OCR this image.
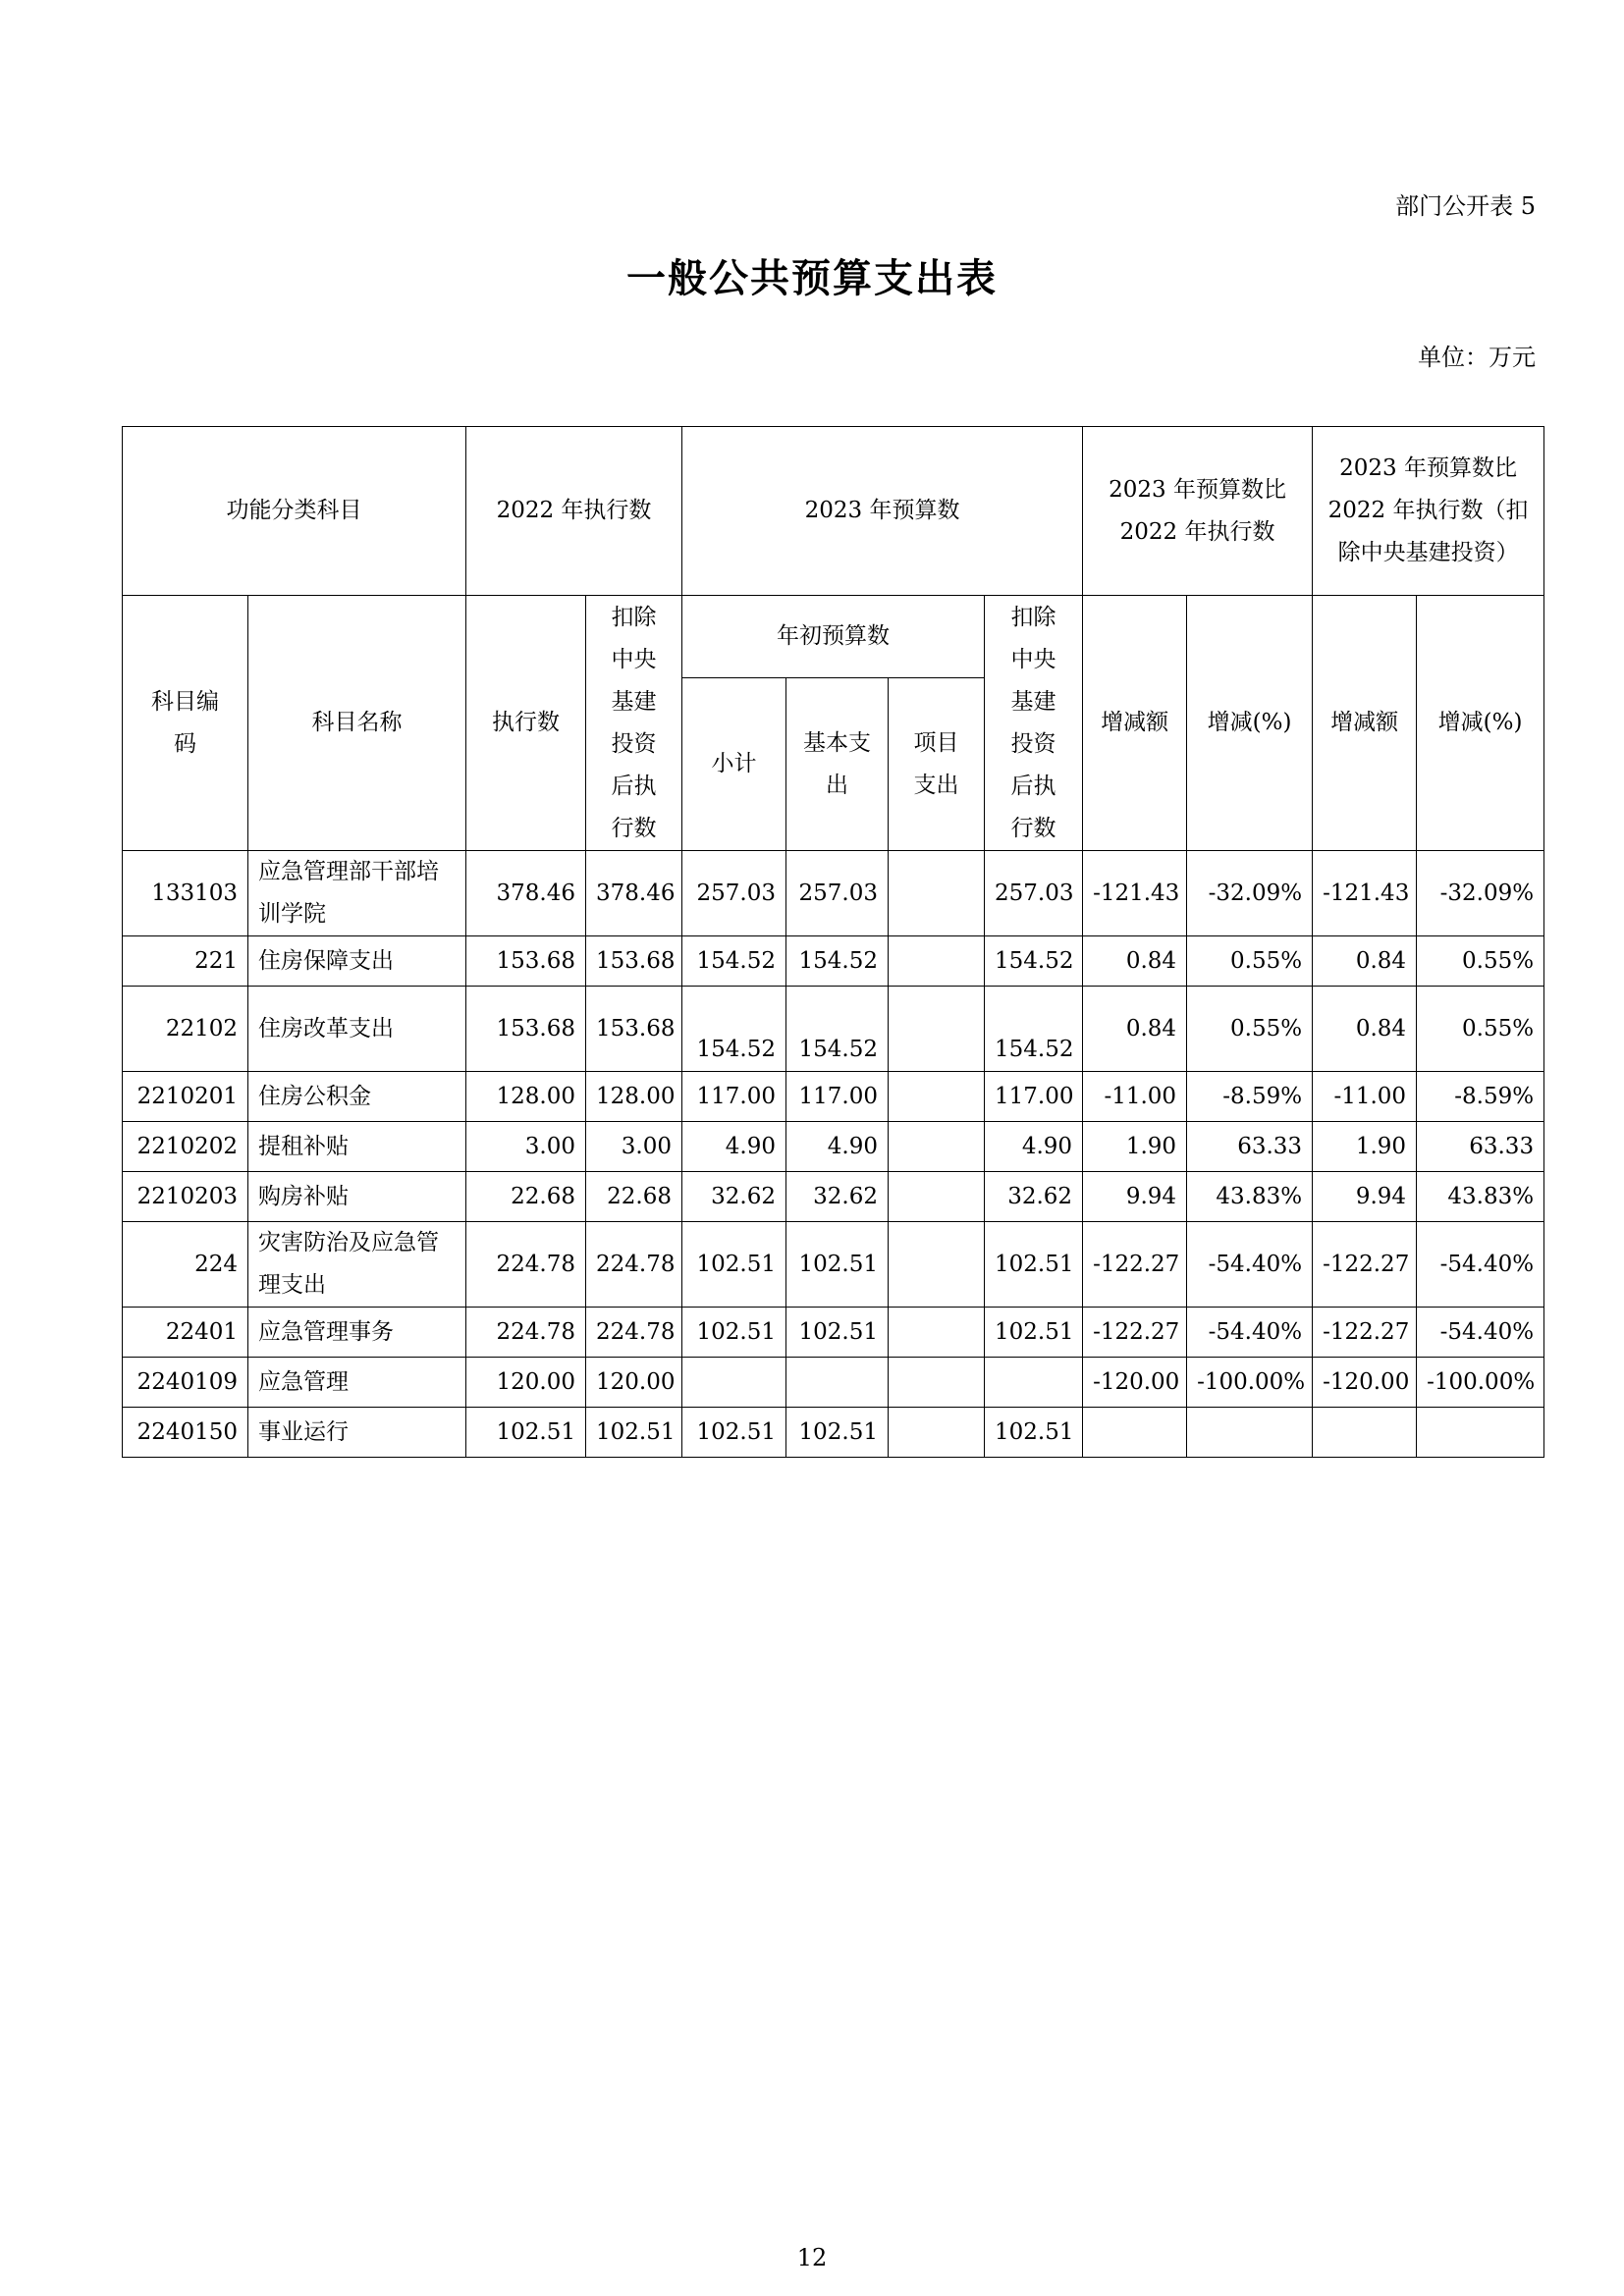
部门公开表 5
一般公共预算支出表
单位：万元
功能分类科目		2022 年执行数		2023 年预算数				2023 年预算数比2022 年执行数		2023 年预算数比2022 年执行数（扣除中央基建投资）	

科目编码	科目名称	执行数	扣除中央基建投资后执行数	年初预算数			扣除中央基建投资后执行数	增减额	增减(%)	增减额	增减(%)
				小计	基本支出	项目支出					

133103	应急管理部干部培训学院	378.46	378.46	257.03	257.03		257.03	-121.43	-32.09%	-121.43	-32.09%
221	住房保障支出	153.68	153.68	154.52	154.52		154.52	0.84	0.55%	0.84	0.55%
22102	住房改革支出	153.68	153.68	154.52	154.52		154.52	0.84	0.55%	0.84	0.55%
2210201	住房公积金	128.00	128.00	117.00	117.00		117.00	-11.00	-8.59%	-11.00	-8.59%
2210202	提租补贴	3.00	3.00	4.90	4.90		4.90	1.90	63.33	1.90	63.33
2210203	购房补贴	22.68	22.68	32.62	32.62		32.62	9.94	43.83%	9.94	43.83%
224	灾害防治及应急管理支出	224.78	224.78	102.51	102.51		102.51	-122.27	-54.40%	-122.27	-54.40%
22401	应急管理事务	224.78	224.78	102.51	102.51		102.51	-122.27	-54.40%	-122.27	-54.40%
2240109	应急管理	120.00	120.00					-120.00	-100.00%	-120.00	-100.00%
2240150	事业运行	102.51	102.51	102.51	102.51		102.51				
12
